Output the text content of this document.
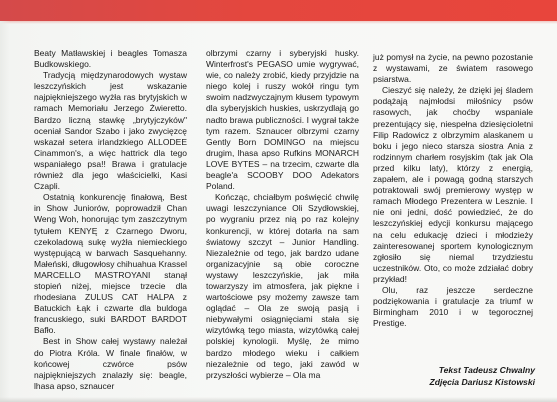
Beaty Matławskiej i beagles Tomasza Budkowskiego.

Tradycją międzynarodowych wystaw leszczyńskich jest wskazanie najpiękniejszego wyżła ras brytyjskich w ramach Memoriału Jerzego Żwieretto. Bardzo liczną stawkę „brytyjczyków" oceniał Sandor Szabo i jako zwycięzcę wskazał setera irlandzkiego ALLODEE Cinammon's, a więc hattrick dla tego wspaniałego psa!! Brawa i gratulacje również dla jego właścicielki, Kasi Czapli.

Ostatnią konkurencję finałową, Best in Show Juniorów, poprowadził Chan Weng Woh, honorując tym zaszczytnym tytułem KENYĘ z Czarnego Dworu, czekoladową sukę wyżła niemieckiego występującą w barwach Sasquehanny. Małeński, długowłosy chihuahua Krassel MARCELLO MASTROYANI stanął stopień niżej, miejsce trzecie dla rhodesiana ZULUS CAT HALPA z Batuckich Łąk i czwarte dla buldoga francuskiego, suki BARDOT BARDOT Bafło.

Best in Show całej wystawy należał do Piotra Króla. W finale finałów, w końcowej czwórce psów najpiękniejszych znalazły się: beagle, lhasa apso, sznaucer

olbrzymi czarny i syberyjski husky. Winterfrost's PEGASO umie wygrywać, wie, co należy zrobić, kiedy przyjdzie na niego kolej i ruszy wokół ringu tym swoim nadzwyczajnym kłusem typowym dla syberyjskich huskies, uskrzydlają go nadto brawa publiczności. I wygrał także tym razem. Sznaucer olbrzymi czarny Gently Born DOMINGO na miejscu drugim, lhasa apso Rufkins MONARCH LOVE BYTES – na trzecim, czwarte dla beagle'a SCOOBY DOO Adekators Poland.

Kończąc, chciałbym poświęcić chwilę uwagi leszczyniance Oli Szydłowskiej, po wygraniu przez nią po raz kolejny konkurencji, w której dotarła na sam światowy szczyt – Junior Handling. Niezależnie od tego, jak bardzo udane organizacyjnie są obie coroczne wystawy leszczyńskie, jak miła towarzyszy im atmosfera, jak piękne i wartościowe psy możemy zawsze tam oglądać – Ola ze swoją pasją i niebywałymi osiągnięciami stała się wizytówką tego miasta, wizytówką całej polskiej kynologii. Myślę, że mimo bardzo młodego wieku i całkiem niezależnie od tego, jaki zawód w przyszłości wybierze – Ola ma

już pomysł na życie, na pewno pozostanie z wystawami, ze światem rasowego psiarstwa.

Cieszyć się należy, że dzięki jej śladem podążają najmłodsi miłośnicy psów rasowych, jak choćby wspaniale prezentujący się, niespełna dziesięcioletni Filip Radowicz z olbrzymim alaskanem u boku i jego nieco starsza siostra Ania z rodzinnym charłem rosyjskim (tak jak Ola przed kilku laty), którzy z energią, zapałem, ale i powagą godną starszych potraktowali swój premierowy występ w ramach Młodego Prezentera w Lesznie. I nie oni jedni, dość powiedzieć, że do leszczyńskiej edycji konkursu mającego na celu edukację dzieci i młodzieży zainteresowanej sportem kynologicznym zgłosiło się niemal trzydziestu uczestników. Oto, co może zdziałać dobry przykład!

Olu, raz jeszcze serdeczne podziękowania i gratulacje za triumf w Birmingham 2010 i w tegorocznej Prestige.

Tekst Tadeusz Chwalny
Zdjęcia Dariusz Kistowski
